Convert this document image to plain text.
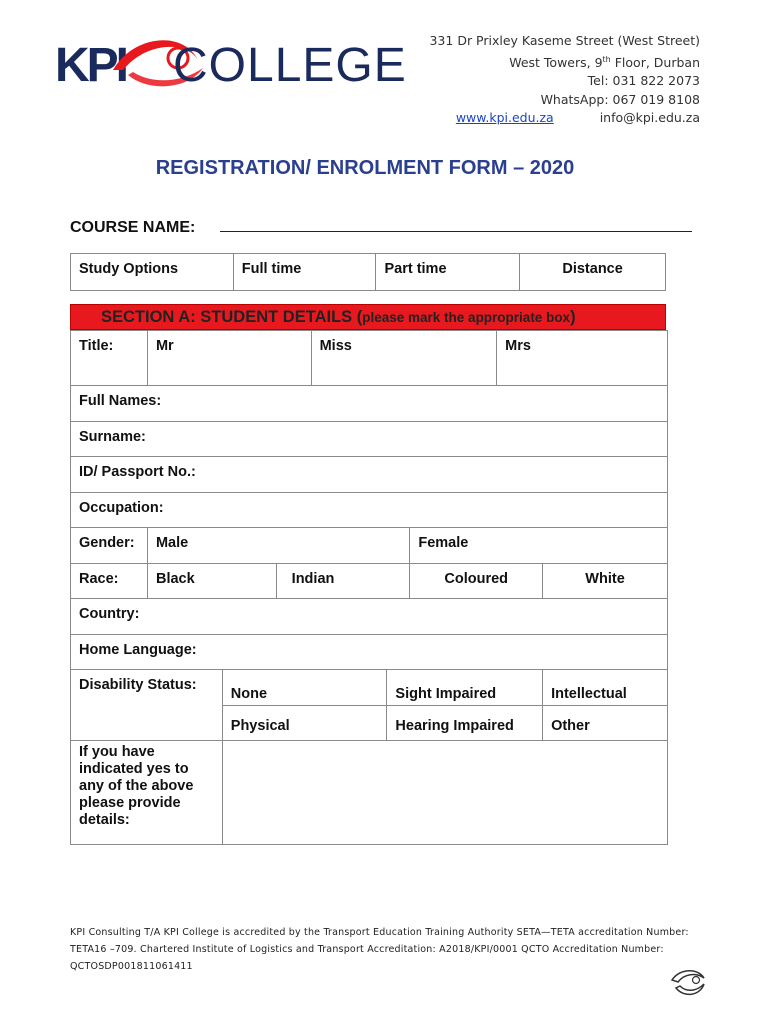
KPI COLLEGE 331 Dr Prixley Kaseme Street (West Street)
West Towers, 9th Floor, Durban
Tel: 031 822 2073
WhatsApp: 067 019 8108
www.kpi.edu.za	info@kpi.edu.za
REGISTRATION/ ENROLMENT FORM – 2020
COURSE NAME:
Study Options	Full time	Part time	Distance
SECTION A: STUDENT DETAILS (please mark the appropriate box)
Title:	Mr			Miss			Mrs	
Full Names:								
Surname:								
ID/ Passport No.:								
Occupation:								
Gender:	Male					Female		
Race:	Black		Indian			Coloured		White
Country:								
Home Language:								
Disability Status:		None			Sight Impaired			Intellectual
		Physical			Hearing Impaired			Other
If you have indicated yes to any of the above please provide details:								
KPI Consulting T/A KPI College is accredited by the Transport Education Training Authority SETA—TETA accreditation Number:
TETA16 –709. Chartered Institute of Logistics and Transport Accreditation: A2018/KPI/0001 QCTO Accreditation Number:
QCTOSDP001811061411
